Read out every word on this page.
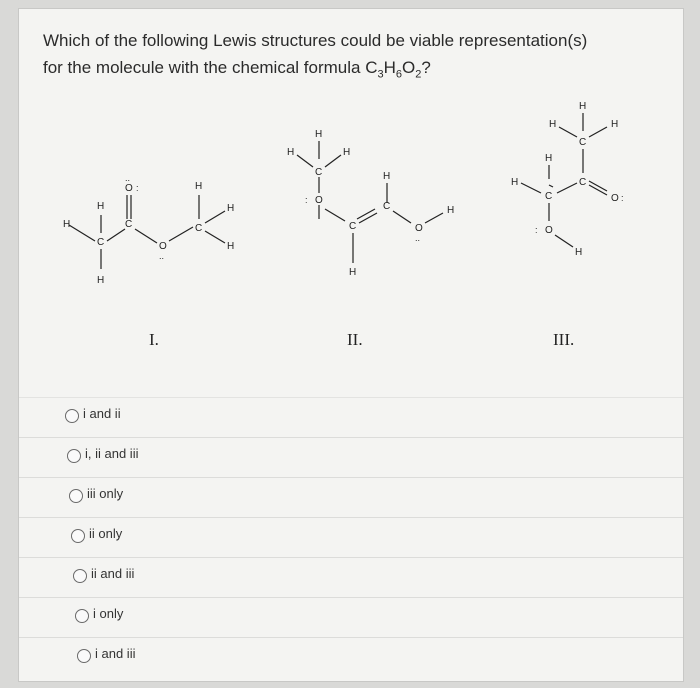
Which of the following Lewis structures could be viable representation(s)
for the molecule with the chemical formula $C_3H_6O_2$?
H
H
C
H
C
O :
..
O
..
H
C
H
H
H
H	H
C
O
:
H
C
H
C
O
..
H
H
H	H
C
H
H
C
C
O :
O
:
H
I.	II.	III.
i and ii
i, ii and iii
iii only
ii only
ii and iii
i only
i and iii
